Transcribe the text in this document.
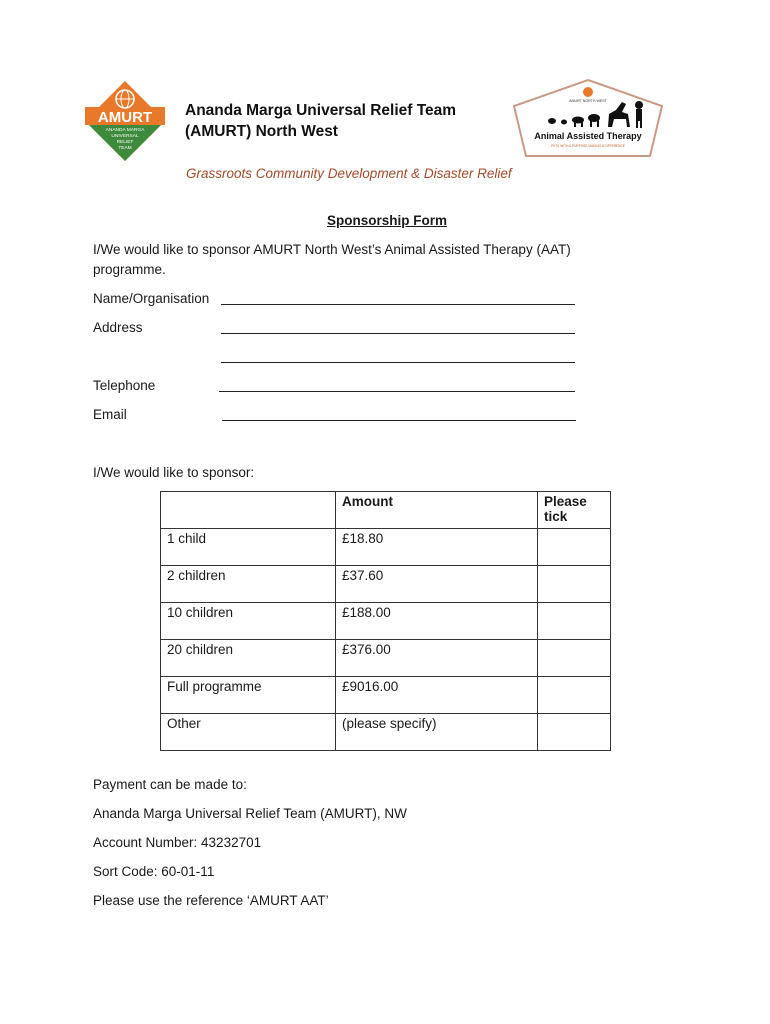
AMURT
ANANDA MARGA
UNIVERSAL
RELIEF
TEAM
Ananda Marga Universal Relief Team
(AMURT) North West
AMURT NORTH WEST
Animal Assisted Therapy
PETS WITH A PURPOSE MAKING A DIFFERENCE
Grassroots Community Development & Disaster Relief
Sponsorship Form
I/We would like to sponsor AMURT North West’s Animal Assisted Therapy (AAT)
programme.
Name/Organisation
Address
Telephone
Email
I/We would like to sponsor:
	Amount	Please
tick
1 child	£18.80	
2 children	£37.60	
10 children	£188.00	
20 children	£376.00	
Full programme	£9016.00	
Other	(please specify)	
Payment can be made to:
Ananda Marga Universal Relief Team (AMURT), NW
Account Number: 43232701
Sort Code: 60-01-11
Please use the reference ‘AMURT AAT’
